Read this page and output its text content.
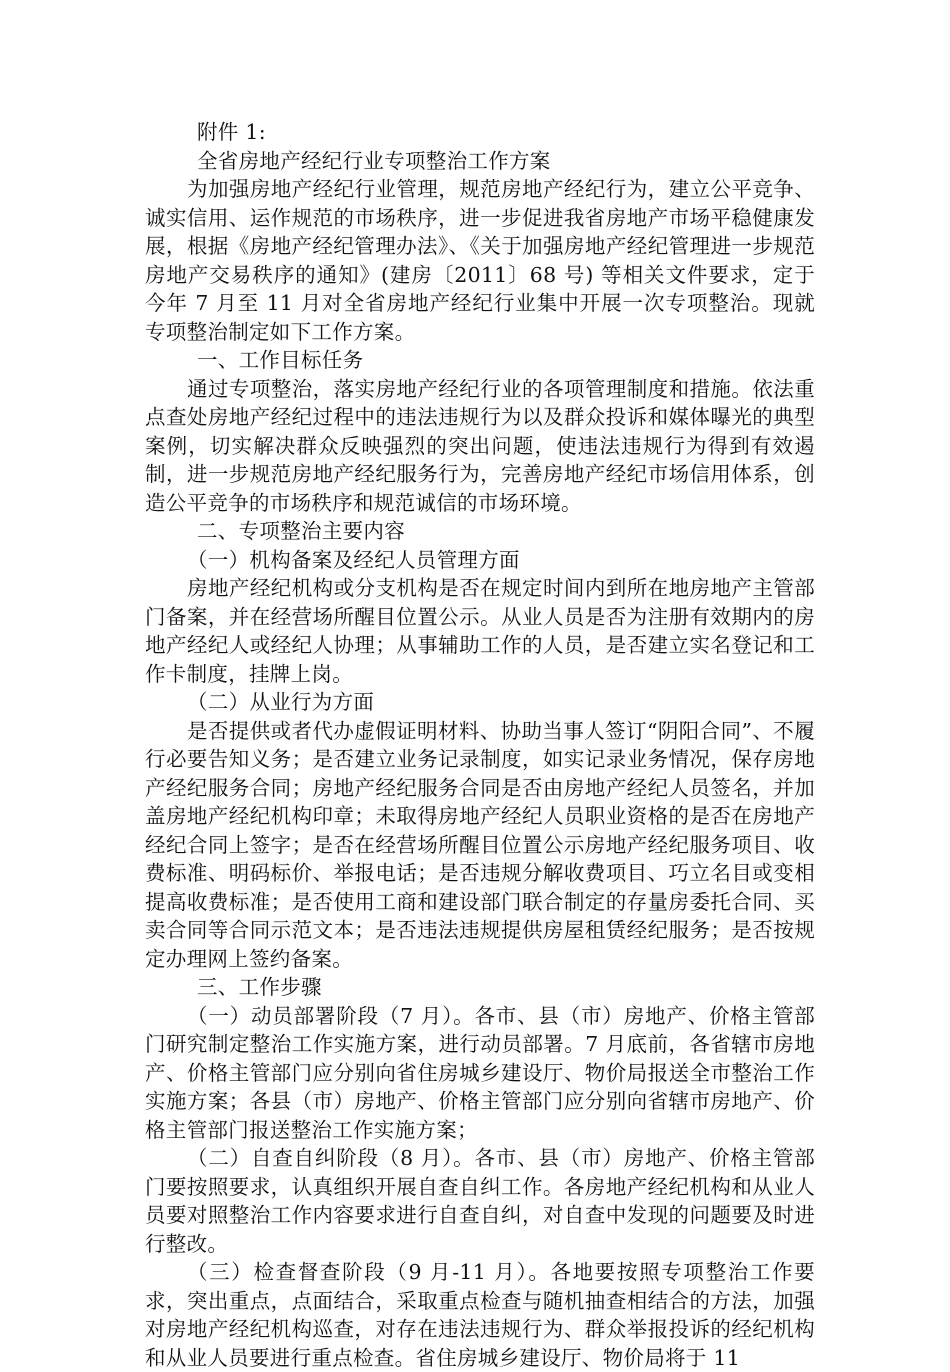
附件 1:

全省房地产经纪行业专项整治工作方案

为加强房地产经纪行业管理，规范房地产经纪行为，建立公平竞争、诚实信用、运作规范的市场秩序，进一步促进我省房地产市场平稳健康发展，根据《房地产经纪管理办法》、《关于加强房地产经纪管理进一步规范房地产交易秩序的通知》(建房〔2011〕68 号) 等相关文件要求，定于今年 7 月至 11 月对全省房地产经纪行业集中开展一次专项整治。现就专项整治制定如下工作方案。

一、工作目标任务

通过专项整治，落实房地产经纪行业的各项管理制度和措施。依法重点查处房地产经纪过程中的违法违规行为以及群众投诉和媒体曝光的典型案例，切实解决群众反映强烈的突出问题，使违法违规行为得到有效遏制，进一步规范房地产经纪服务行为，完善房地产经纪市场信用体系，创造公平竞争的市场秩序和规范诚信的市场环境。

二、专项整治主要内容

（一）机构备案及经纪人员管理方面

房地产经纪机构或分支机构是否在规定时间内到所在地房地产主管部门备案，并在经营场所醒目位置公示。从业人员是否为注册有效期内的房地产经纪人或经纪人协理；从事辅助工作的人员，是否建立实名登记和工作卡制度，挂牌上岗。

（二）从业行为方面

是否提供或者代办虚假证明材料、协助当事人签订“阴阳合同”、不履行必要告知义务；是否建立业务记录制度，如实记录业务情况，保存房地产经纪服务合同；房地产经纪服务合同是否由房地产经纪人员签名，并加盖房地产经纪机构印章；未取得房地产经纪人员职业资格的是否在房地产经纪合同上签字；是否在经营场所醒目位置公示房地产经纪服务项目、收费标准、明码标价、举报电话；是否违规分解收费项目、巧立名目或变相提高收费标准；是否使用工商和建设部门联合制定的存量房委托合同、买卖合同等合同示范文本；是否违法违规提供房屋租赁经纪服务；是否按规定办理网上签约备案。

三、工作步骤

（一）动员部署阶段（7 月）。各市、县（市）房地产、价格主管部门研究制定整治工作实施方案，进行动员部署。7 月底前，各省辖市房地产、价格主管部门应分别向省住房城乡建设厅、物价局报送全市整治工作实施方案；各县（市）房地产、价格主管部门应分别向省辖市房地产、价格主管部门报送整治工作实施方案；

（二）自查自纠阶段（8 月）。各市、县（市）房地产、价格主管部门要按照要求，认真组织开展自查自纠工作。各房地产经纪机构和从业人员要对照整治工作内容要求进行自查自纠，对自查中发现的问题要及时进行整改。

（三）检查督查阶段（9 月-11 月）。各地要按照专项整治工作要求，突出重点，点面结合，采取重点检查与随机抽查相结合的方法，加强对房地产经纪机构巡查，对存在违法违规行为、群众举报投诉的经纪机构和从业人员要进行重点检查。省住房城乡建设厅、物价局将于 11
